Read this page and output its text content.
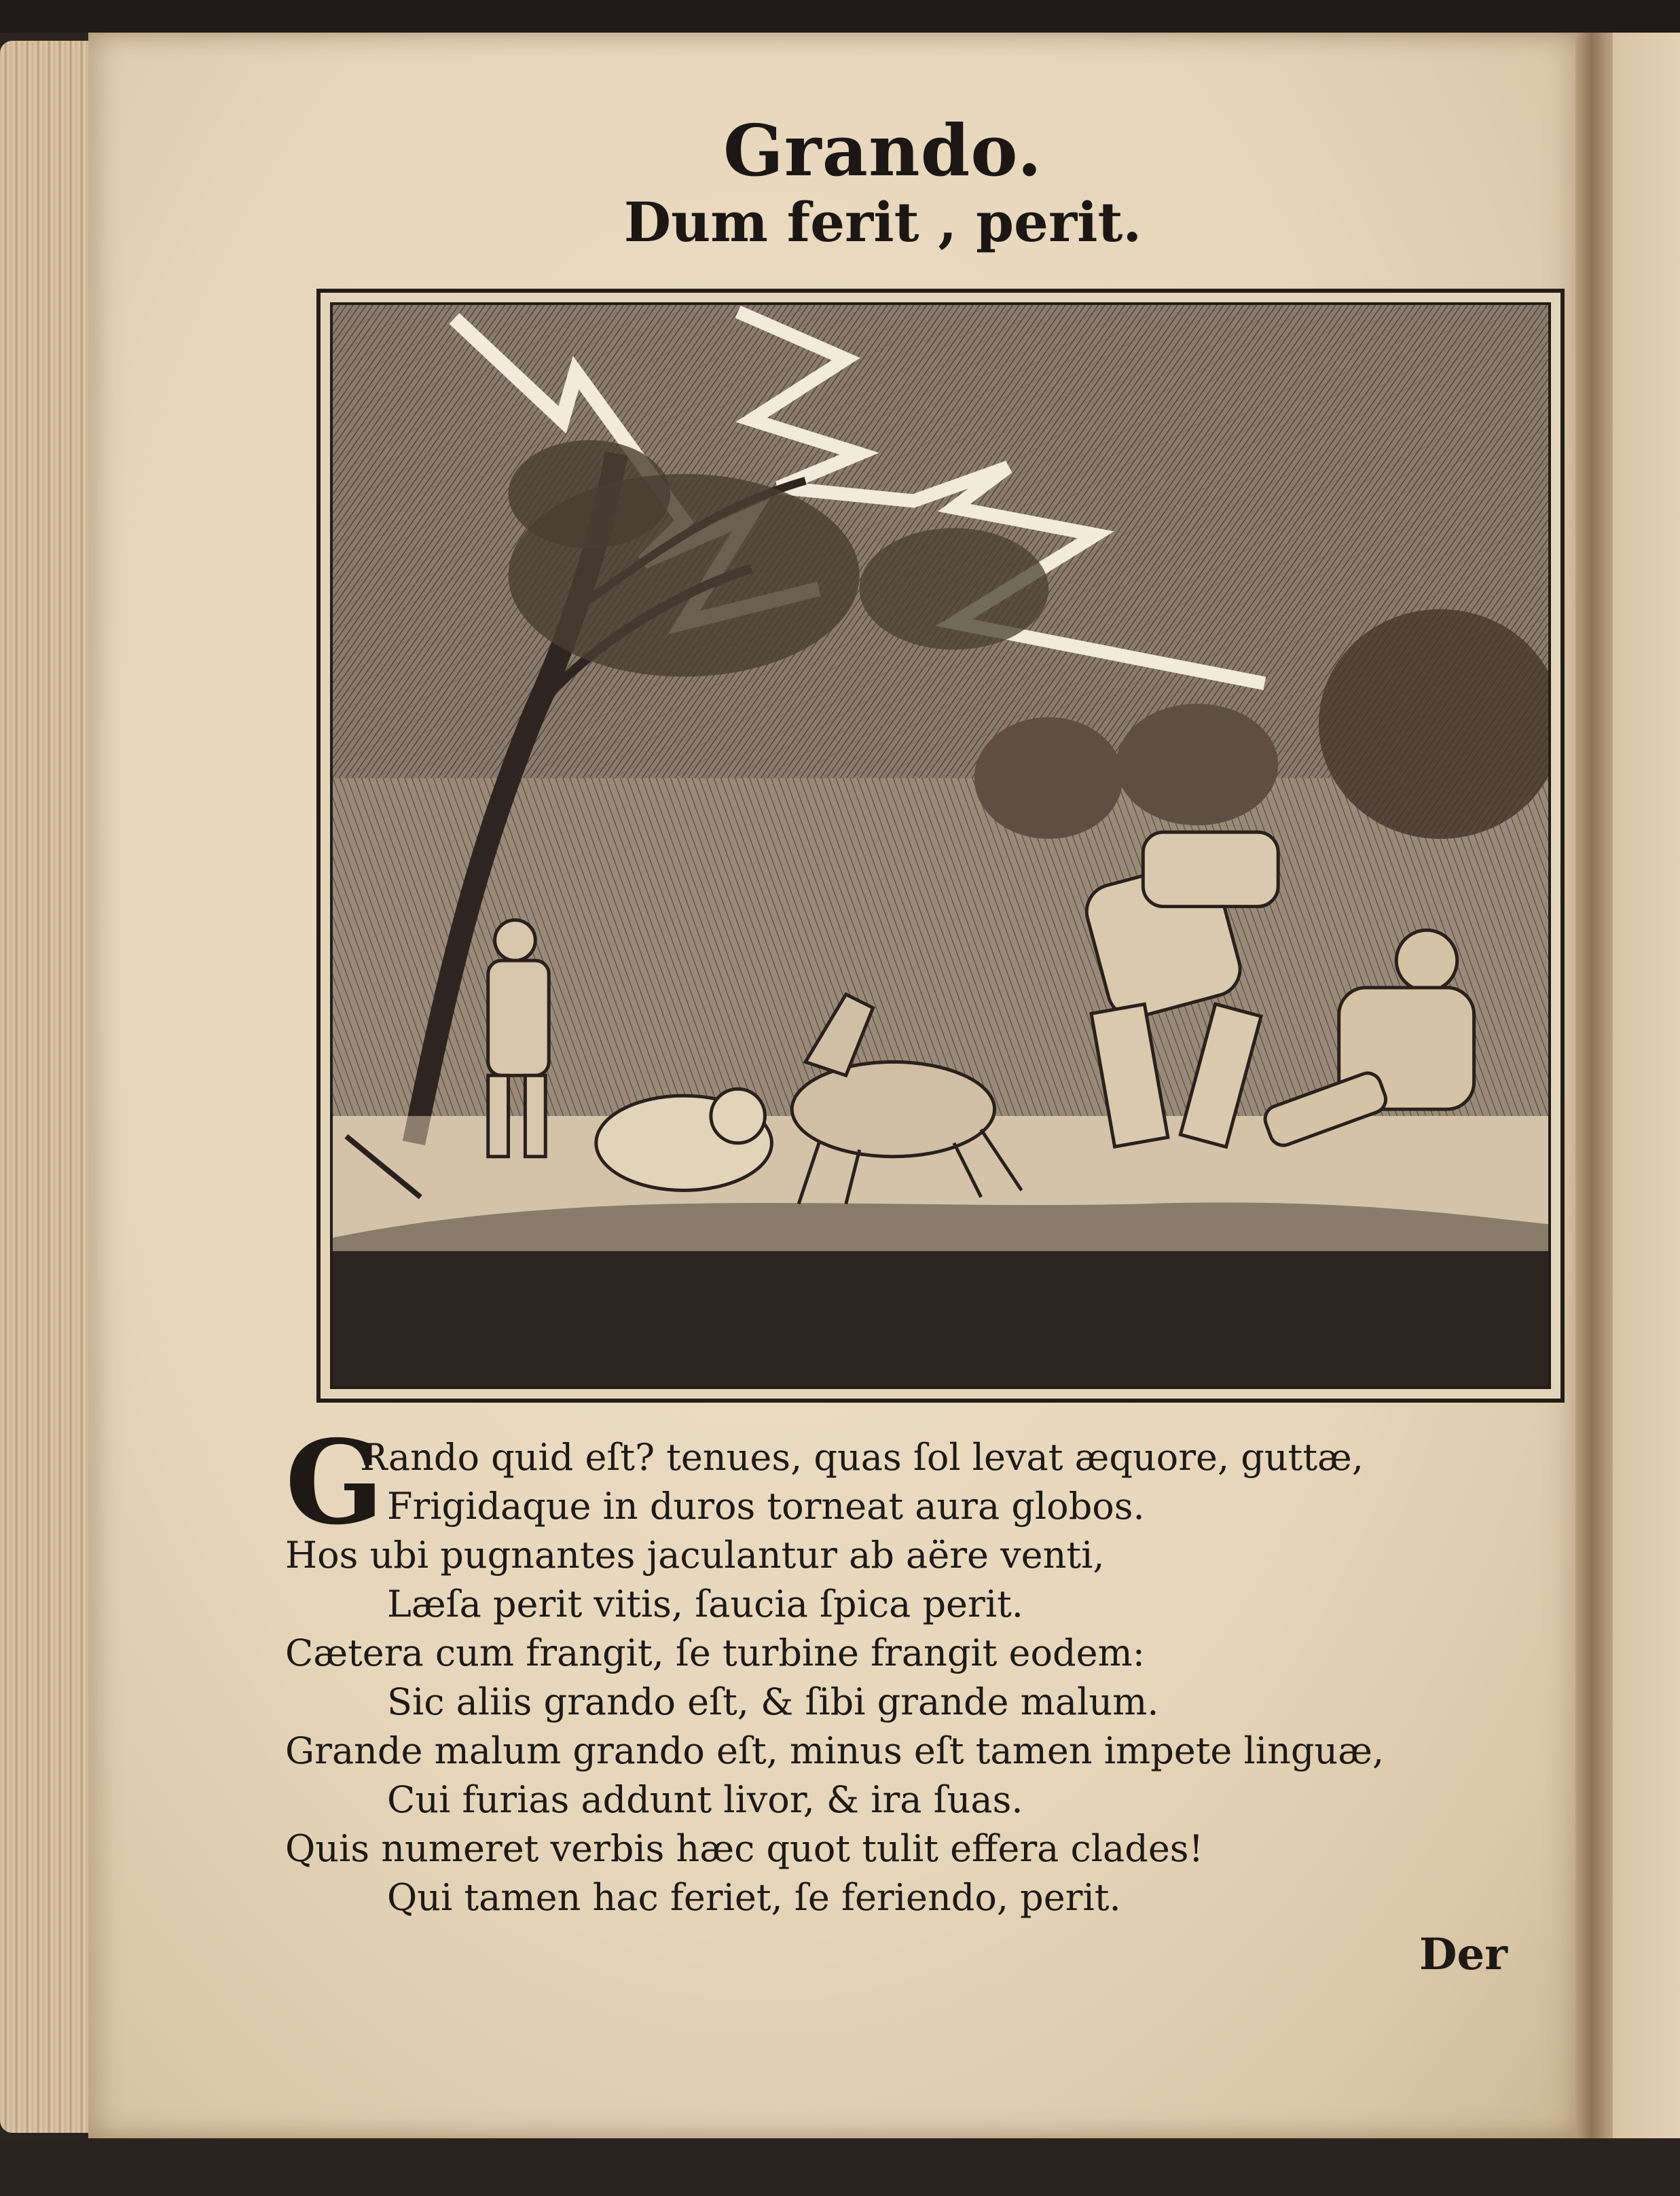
Grando.
Dum ferit , perit.
G
Rando quid eſt? tenues, quas ſol levat æquore, guttæ,
Frigidaque in duros torneat aura globos.
Hos ubi pugnantes jaculantur ab aëre venti,
Læſa perit vitis, ſaucia ſpica perit.
Cætera cum frangit, ſe turbine frangit eodem:
Sic aliis grando eſt, & ſibi grande malum.
Grande malum grando eſt, minus eſt tamen impete linguæ,
Cui furias addunt livor, & ira ſuas.
Quis numeret verbis hæc quot tulit effera clades!
Qui tamen hac feriet, ſe feriendo, perit.
Der
